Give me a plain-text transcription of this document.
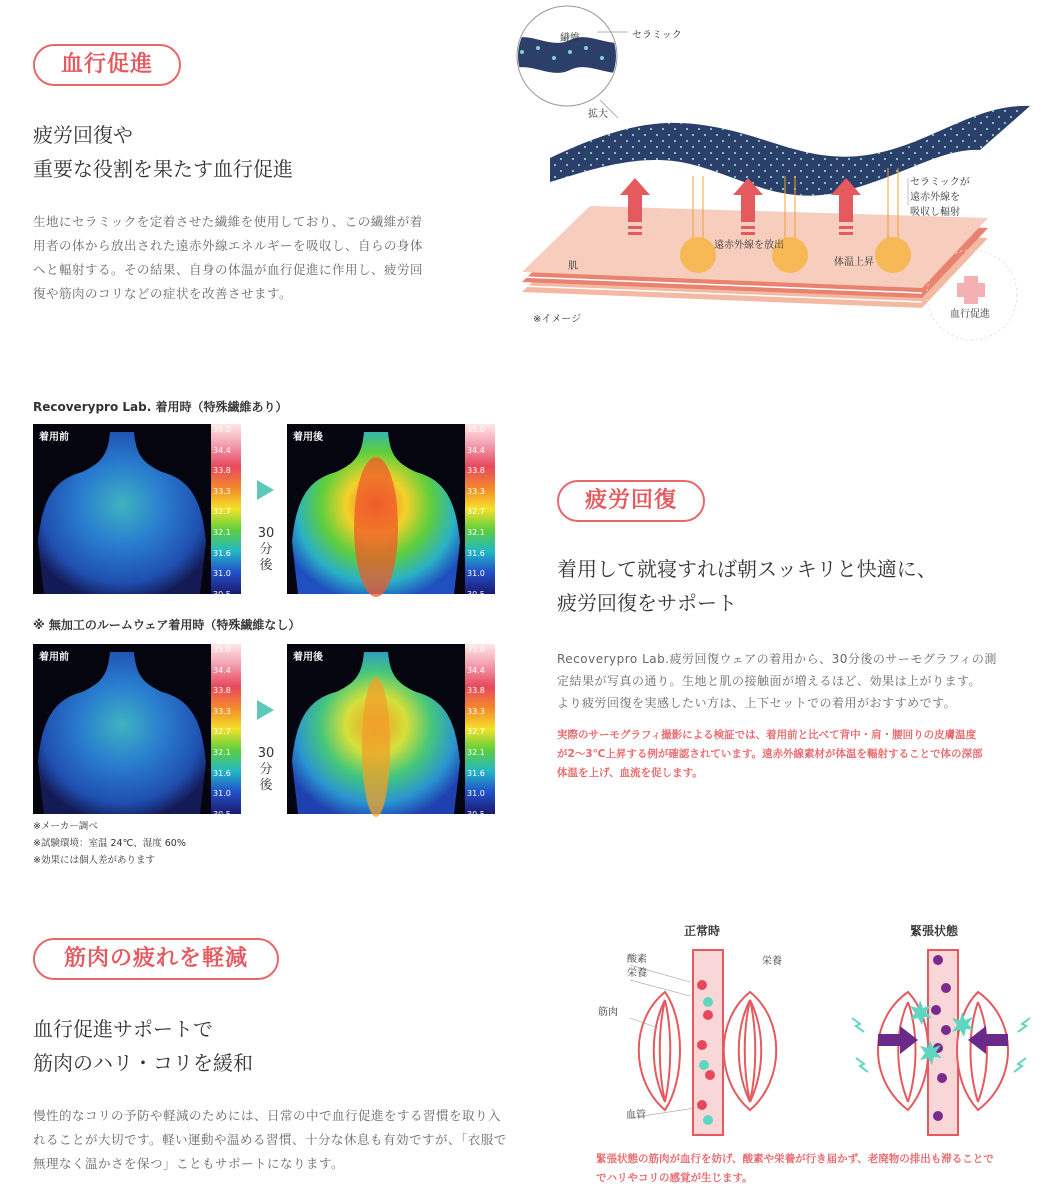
血行促進
疲労回復や
重要な役割を果たす血行促進
生地にセラミックを定着させた繊維を使用しており、この繊維が着
用者の体から放出された遠赤外線エネルギーを吸収し、自らの身体
へと輻射する。その結果、自身の体温が血行促進に作用し、疲労回
復や筋肉のコリなどの症状を改善させます。
繊維	セラミック
拡大
Recoverypro Lab.
疲労回復ウェアの生地
セラミックが
遠赤外線を
吸収し輻射
遠赤外線を放出
体温上昇
肌
血行促進
※イメージ
Recoverypro Lab. 着用時（特殊繊維あり）
※ 無加工のルームウェア着用時（特殊繊維なし）
30
分
後
30
分
後
着用前
35.0
34.4
33.8
33.3
32.7
32.1
31.6
31.0
30.5
着用後
35.0
34.4
33.8
33.3
32.7
32.1
31.6
31.0
30.5
着用前
35.0
34.4
33.8
33.3
32.7
32.1
31.6
31.0
30.5
着用後
35.0
34.4
33.8
33.3
32.7
32.1
31.6
31.0
30.5
※メーカー調べ
※試験環境：室温 24℃、湿度 60%
※効果には個人差があります
疲労回復
着用して就寝すれば朝スッキリと快適に、
疲労回復をサポート
Recoverypro Lab.疲労回復ウェアの着用から、30分後のサーモグラフィの測
定結果が写真の通り。生地と肌の接触面が増えるほど、効果は上がります。
より疲労回復を実感したい方は、上下セットでの着用がおすすめです。
実際のサーモグラフィ撮影による検証では、着用前と比べて背中・肩・腰回りの皮膚温度
が2〜3℃上昇する例が確認されています。遠赤外線素材が体温を輻射することで体の深部
体温を上げ、血流を促します。
筋肉の疲れを軽減
血行促進サポートで
筋肉のハリ・コリを緩和
慢性的なコリの予防や軽減のためには、日常の中で血行促進をする習慣を取り入
れることが大切です。軽い運動や温める習慣、十分な休息も有効ですが、「衣服で
無理なく温かさを保つ」こともサポートになります。
正常時	緊張状態
酸素
栄養
栄養
筋肉
血管
緊張状態の筋肉が血行を妨げ、酸素や栄養が行き届かず、老廃物の排出も滞ることで
でハリやコリの感覚が生じます。
